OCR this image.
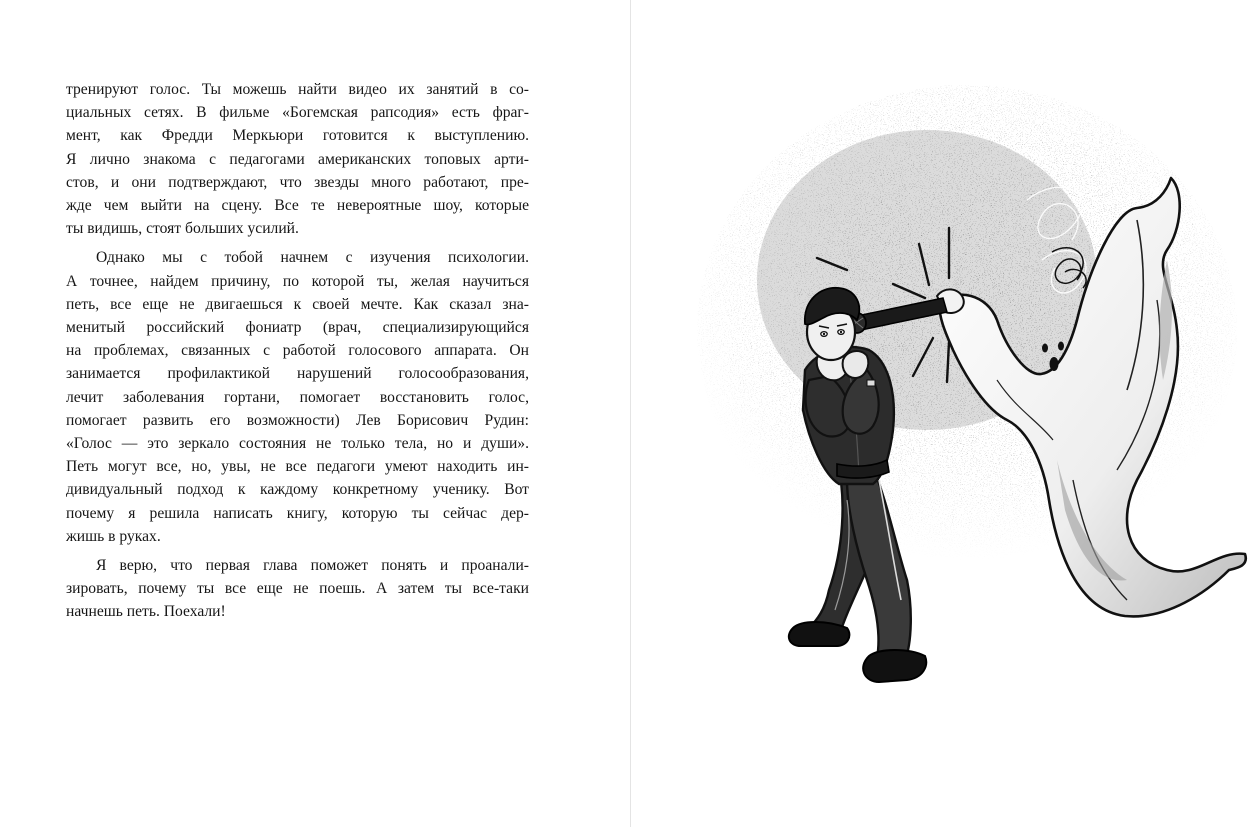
тренируют голос. Ты можешь найти видео их занятий в со-
циальных сетях. В фильме «Богемская рапсодия» есть фраг-
мент, как Фредди Меркьюри готовится к выступлению.
Я лично знакома с педагогами американских топовых арти-
стов, и они подтверждают, что звезды много работают, пре-
жде чем выйти на сцену. Все те невероятные шоу, которые
ты видишь, стоят больших усилий.

Однако мы с тобой начнем с изучения психологии.
А точнее, найдем причину, по которой ты, желая научиться
петь, все еще не двигаешься к своей мечте. Как сказал зна-
менитый российский фониатр (врач, специализирующийся
на проблемах, связанных с работой голосового аппарата. Он
занимается профилактикой нарушений голосообразования,
лечит заболевания гортани, помогает восстановить голос,
помогает развить его возможности) Лев Борисович Рудин:
«Голос — это зеркало состояния не только тела, но и души».
Петь могут все, но, увы, не все педагоги умеют находить ин-
дивидуальный подход к каждому конкретному ученику. Вот
почему я решила написать книгу, которую ты сейчас дер-
жишь в руках.

Я верю, что первая глава поможет понять и проанали-
зировать, почему ты все еще не поешь. А затем ты все-таки
начнешь петь. Поехали!
